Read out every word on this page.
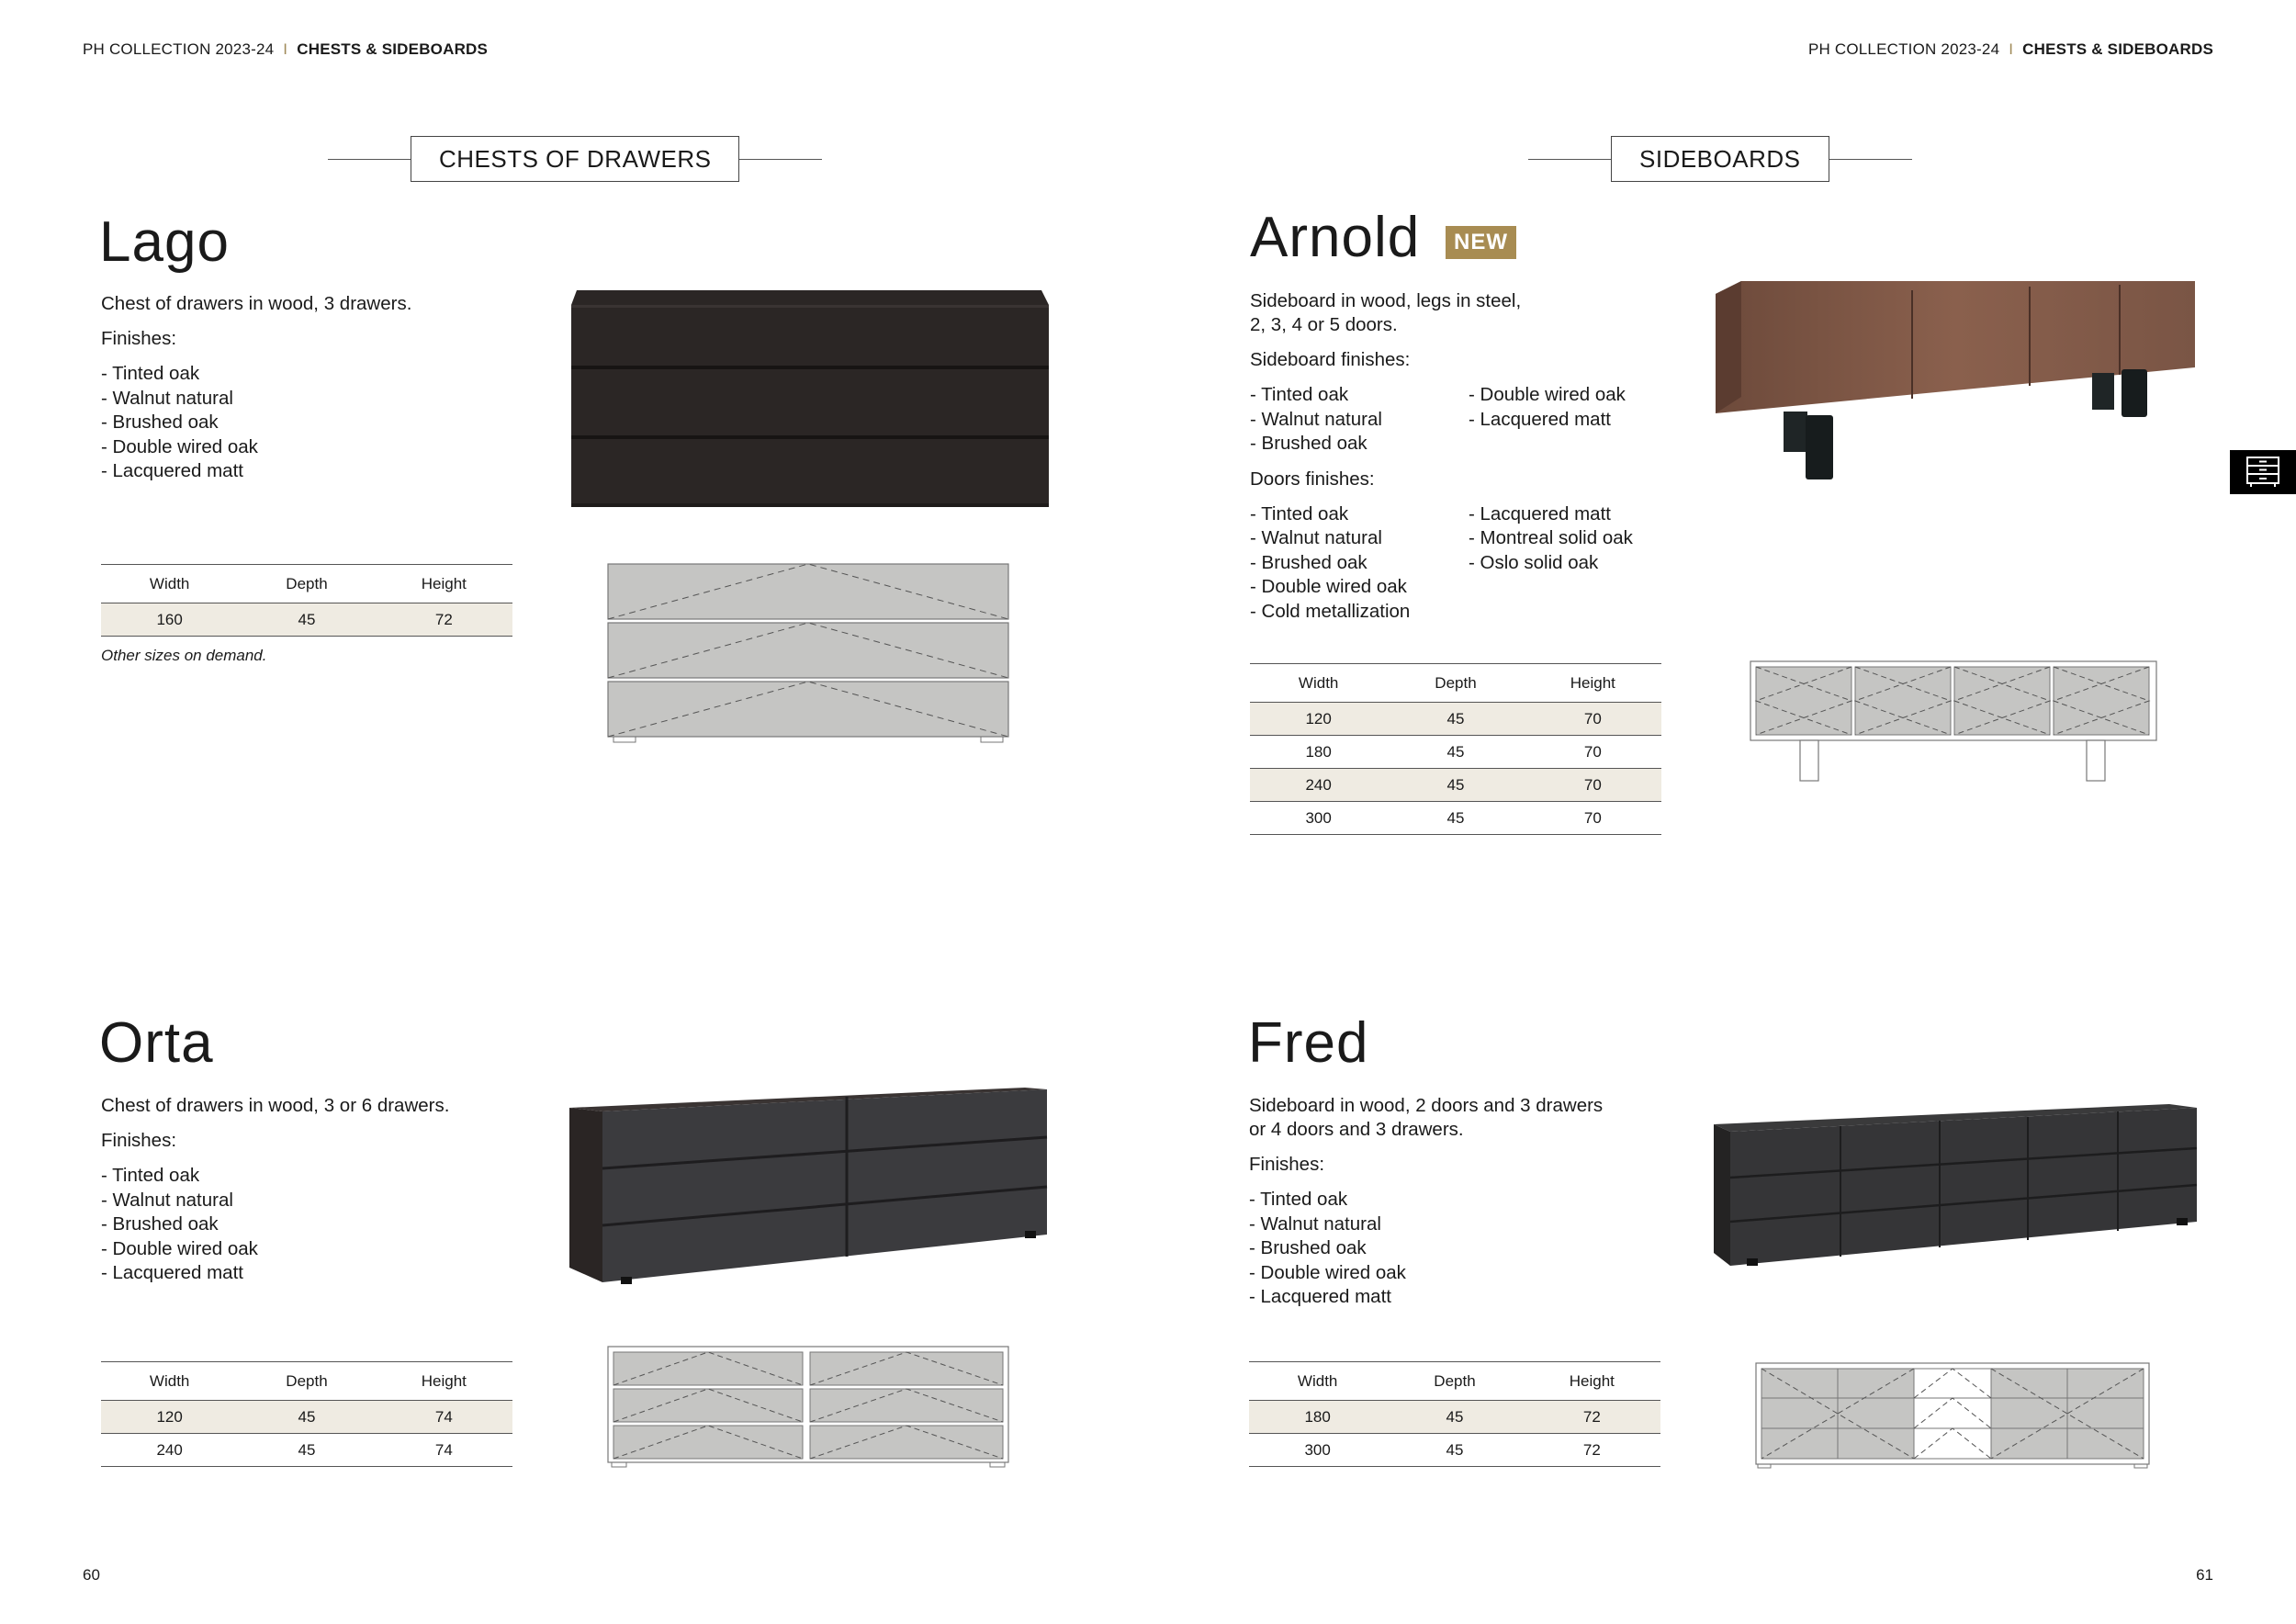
PH COLLECTION 2023-24 I CHESTS & SIDEBOARDS	PH COLLECTION 2023-24 I CHESTS & SIDEBOARDS
CHESTS OF DRAWERS	SIDEBOARDS
Lago

Chest of drawers in wood, 3 drawers.

Finishes:

- Tinted oak
- Walnut natural
- Brushed oak
- Double wired oak
- Lacquered matt
Width	Depth	Height
160	45	72
Other sizes on demand.
Arnold	NEW
Sideboard in wood, legs in steel,

2, 3, 4 or 5 doors.

Sideboard finishes:

- Tinted oak
- Walnut natural
- Brushed oak
- Double wired oak
- Lacquered matt

Doors finishes:

- Tinted oak
- Walnut natural
- Brushed oak
- Double wired oak
- Cold metallization
- Lacquered matt
- Montreal solid oak
- Oslo solid oak
Width	Depth	Height
120	45	70
180	45	70
240	45	70
300	45	70
Orta

Chest of drawers in wood, 3 or 6 drawers.

Finishes:

- Tinted oak
- Walnut natural
- Brushed oak
- Double wired oak
- Lacquered matt
Width	Depth	Height
120	45	74
240	45	74
Fred
Sideboard in wood, 2 doors and 3 drawers

or 4 doors and 3 drawers.

Finishes:

- Tinted oak
- Walnut natural
- Brushed oak
- Double wired oak
- Lacquered matt
Width	Depth	Height
180	45	72
300	45	72
60	61
